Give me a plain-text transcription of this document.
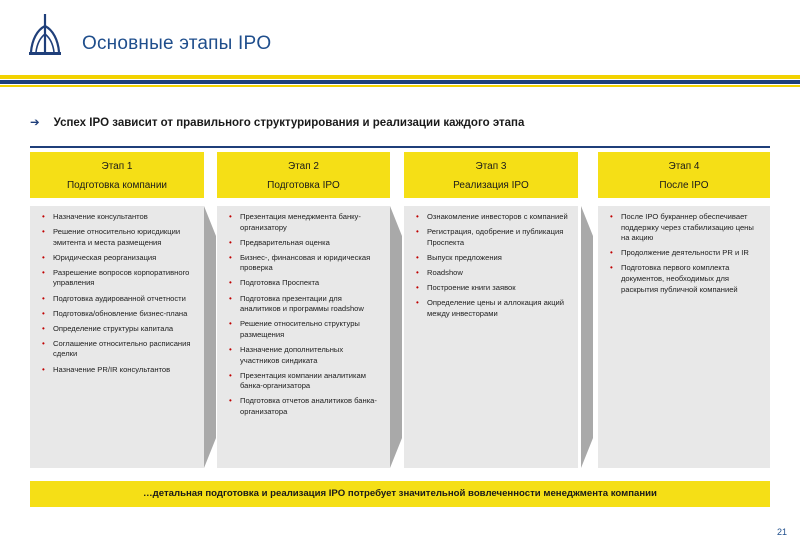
Основные этапы IPO
➔ Успех IPO зависит от правильного структурирования и реализации каждого этапа
Этап 1
Подготовка компании
Этап 2
Подготовка IPO
Этап 3
Реализация IPO
Этап 4
После IPO
• Назначение консультантов
• Решение относительно юрисдикции эмитента и места размещения
• Юридическая реорганизация
• Разрешение вопросов корпоративного управления
• Подготовка аудированной отчетности
• Подготовка/обновление бизнес-плана
• Определение структуры капитала
• Соглашение относительно расписания сделки
• Назначение PR/IR консультантов
• Презентация менеджмента банку-организатору
• Предварительная оценка
• Бизнес-, финансовая и юридическая проверка
• Подготовка Проспекта
• Подготовка презентации для аналитиков и программы roadshow
• Решение относительно структуры размещения
• Назначение дополнительных участников синдиката
• Презентация компании аналитикам банка-организатора
• Подготовка отчетов аналитиков банка-организатора
• Ознакомление инвесторов с компанией
• Регистрация, одобрение и публикация Проспекта
• Выпуск предложения
• Roadshow
• Построение книги заявок
• Определение цены и аллокация акций между инвесторами
• После IPO букраннер обеспечивает поддержку через стабилизацию цены на акцию
• Продолжение деятельности PR и IR
• Подготовка первого комплекта документов, необходимых для раскрытия публичной компанией
…детальная подготовка и реализация IPO потребует значительной вовлеченности менеджмента компании
21
